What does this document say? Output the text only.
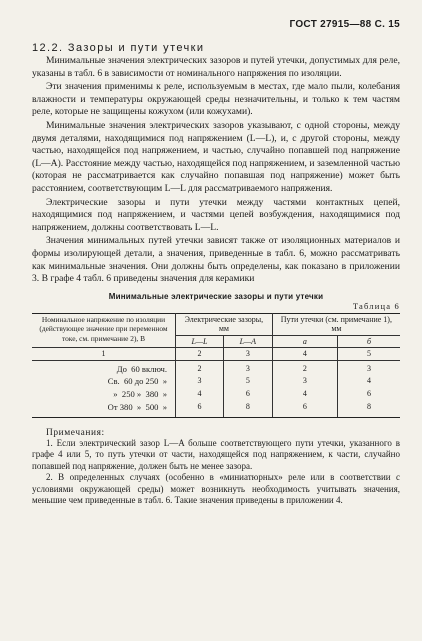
ГОСТ 27915—88 С. 15
12.2. Зазоры и пути утечки

Минимальные значения электрических зазоров и путей утечки, допустимых для реле, указаны в табл. 6 в зависимости от номинального напряжения по изоляции.

Эти значения применимы к реле, используемым в местах, где мало пыли, колебания влажности и температуры окружающей среды незначительны, и только к тем частям реле, которые не защищены кожухом (или кожухами).

Минимальные значения электрических зазоров указывают, с одной стороны, между двумя деталями, находящимися под напряжением (L—L), и, с другой стороны, между частью, находящейся под напряжением, и частью, случайно попавшей под напряжение (L—A). Расстояние между частью, находящейся под напряжением, и заземленной частью (которая не рассматривается как случайно попавшая под напряжение) может быть расстоянием, соответствующим L—L для рассматриваемого напряжения.

Электрические зазоры и пути утечки между частями контактных цепей, находящимися под напряжением, и частями цепей возбуждения, находящимися под напряжением, должны соответствовать L—L.

Значения минимальных путей утечки зависят также от изоляционных материалов и формы изолирующей детали, а значения, приведенные в табл. 6, можно рассматривать как минимальные значения. Они должны быть определены, как показано в приложении 3. В графе 4 табл. 6 приведены значения для керамики

Минимальные электрические зазоры и пути утечки
Таблица 6
Номинальное напряжение по изоляции (действующее значение при переменном токе, см. примечание 2), В	Электрические зазоры, мм		Пути утечки (см. примечание 1), мм	
	L—L	L—A	а	б
1	2	3	4	5
До  60 включ.	2	3	2	3
Св.  60 до 250  »	3	5	3	4
»  250 »  380  »	4	6	4	6
От 380  »  500  »	6	8	6	8
Примечания:

1. Если электрический зазор L—A больше соответствующего пути утечки, указанного в графе 4 или 5, то путь утечки от части, находящейся под напряжением, к части, случайно попавшей под напряжение, должен быть не менее зазора.

2. В определенных случаях (особенно в «миниатюрных» реле или в соответствии с условиями окружающей среды) может возникнуть необходимость учитывать значения, меньшие чем приведенные в табл. 6. Такие значения приведены в приложении 4.
